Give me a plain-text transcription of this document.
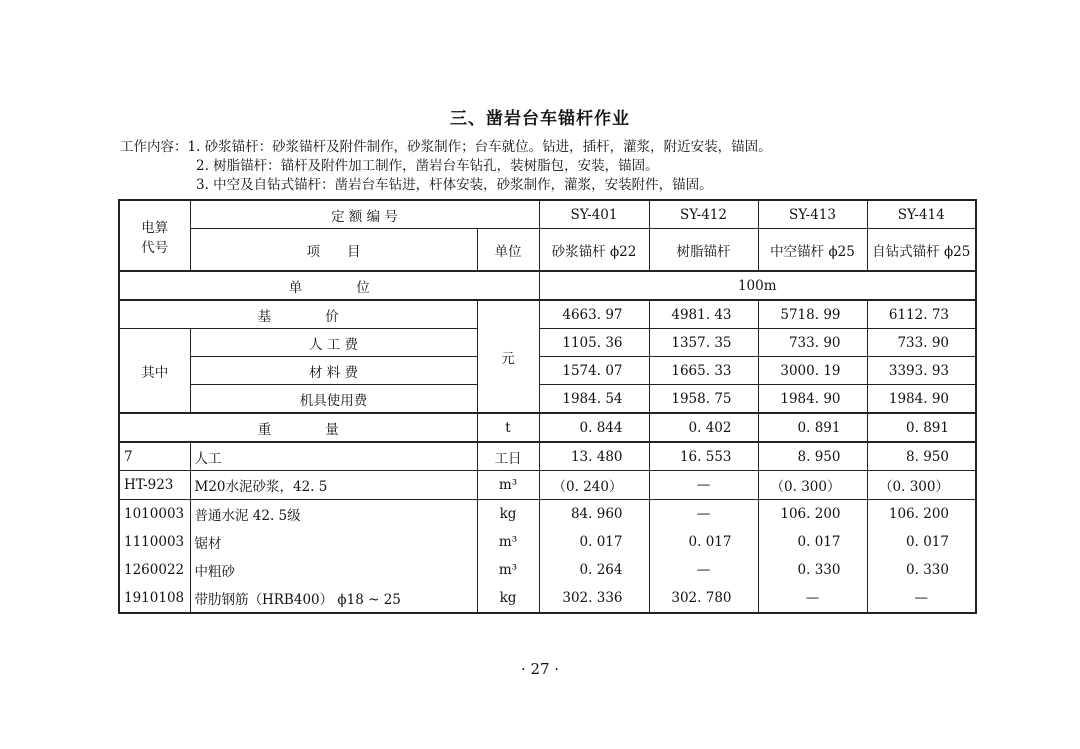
三、凿岩台车锚杆作业
工作内容：1. 砂浆锚杆：砂浆锚杆及附件制作，砂浆制作；台车就位。钻进，插杆，灌浆，附近安装，锚固。
2. 树脂锚杆：锚杆及附件加工制作，凿岩台车钻孔，装树脂包，安装，锚固。
3. 中空及自钻式锚杆：凿岩台车钻进，杆体安装，砂浆制作，灌浆，安装附件，锚固。
电算
代号	定 额 编 号		SY-401	SY-412	SY-413	SY-414
	项　　目	单位	砂浆锚杆 ϕ22	树脂锚杆	中空锚杆 ϕ25	自钻式锚杆 ϕ25
单　　　　位			100m			
基　　　　价		元	4663. 97	4981. 43	5718. 99	6112. 73
其中	人 工 费		1105. 36	1357. 35	733. 90	733. 90
	材 料 费		1574. 07	1665. 33	3000. 19	3393. 93
	机具使用费		1984. 54	1958. 75	1984. 90	1984. 90
重　　　　量		t	0. 844	0. 402	0. 891	0. 891
7	人工	工日	13. 480	16. 553	8. 950	8. 950
HT-923	M20水泥砂浆，42. 5	m³	（0. 240）	—	（0. 300）	（0. 300）
1010003	普通水泥 42. 5级	kg	84. 960	—	106. 200	106. 200
1110003	锯材	m³	0. 017	0. 017	0. 017	0. 017
1260022	中粗砂	m³	0. 264	—	0. 330	0. 330
1910108	带肋钢筋（HRB400） ϕ18 ~ 25	kg	302. 336	302. 780	—	—
· 27 ·
